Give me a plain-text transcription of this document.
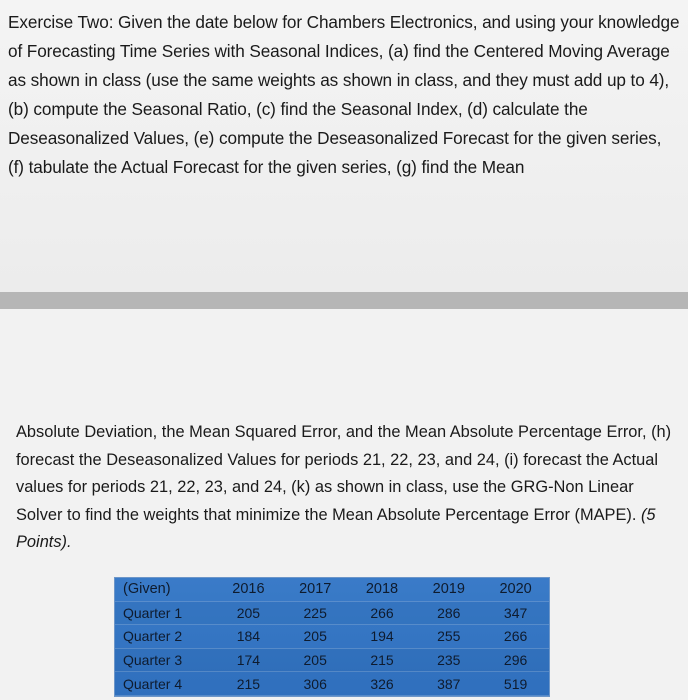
Exercise Two: Given the date below for Chambers Electronics, and using your knowledge of Forecasting Time Series with Seasonal Indices, (a) find the Centered Moving Average as shown in class (use the same weights as shown in class, and they must add up to 4), (b) compute the Seasonal Ratio, (c) find the Seasonal Index, (d) calculate the Deseasonalized Values, (e) compute the Deseasonalized Forecast for the given series, (f) tabulate the Actual Forecast for the given series, (g) find the Mean

Absolute Deviation, the Mean Squared Error, and the Mean Absolute Percentage Error, (h) forecast the Deseasonalized Values for periods 21, 22, 23, and 24, (i) forecast the Actual values for periods 21, 22, 23, and 24, (k) as shown in class, use the GRG-Non Linear Solver to find the weights that minimize the Mean Absolute Percentage Error (MAPE). (5 Points).

(Given)	2016	2017	2018	2019	2020
Quarter 1	205	225	266	286	347
Quarter 2	184	205	194	255	266
Quarter 3	174	205	215	235	296
Quarter 4	215	306	326	387	519
